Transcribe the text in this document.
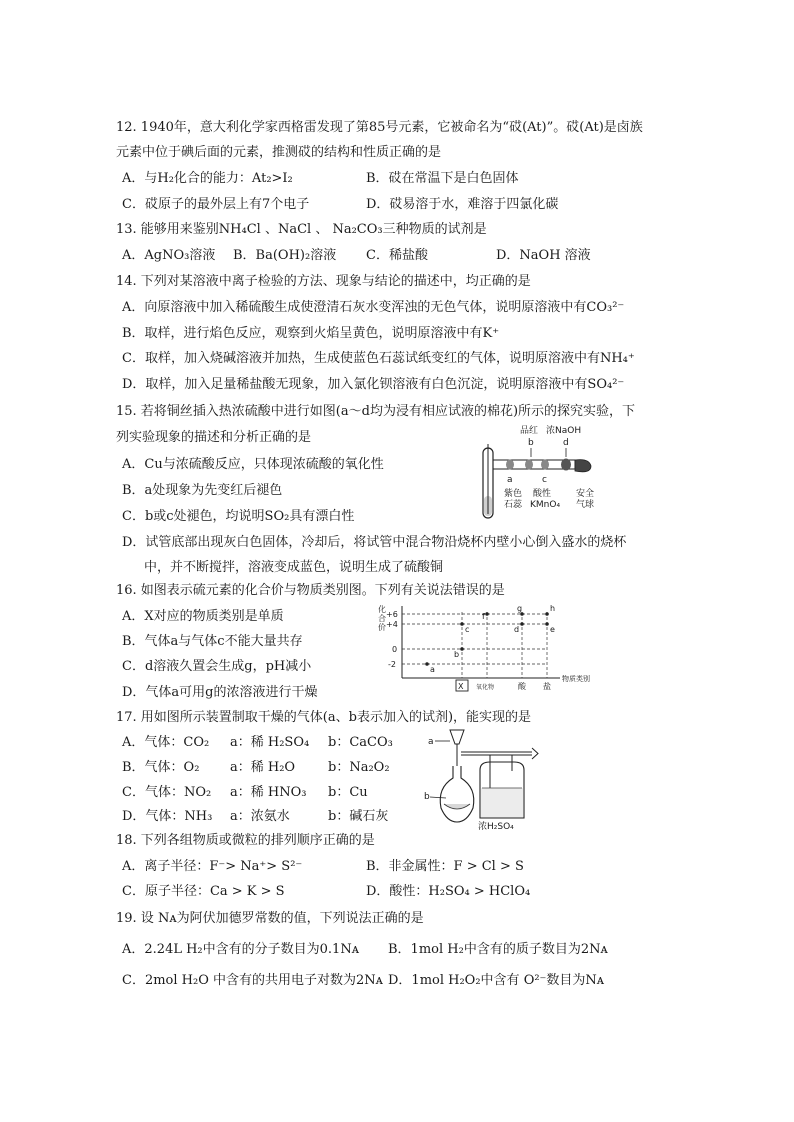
12. 1940年，意大利化学家西格雷发现了第85号元素，它被命名为“砹(At)”。砹(At)是卤族
元素中位于碘后面的元素，推测砹的结构和性质正确的是
A．与H₂化合的能力：At₂>I₂	B．砹在常温下是白色固体
C．砹原子的最外层上有7个电子	D．砹易溶于水，难溶于四氯化碳
13. 能够用来鉴别NH₄Cl 、NaCl 、 Na₂CO₃三种物质的试剂是
A．AgNO₃溶液 B．Ba(OH)₂溶液 C．稀盐酸	D．NaOH 溶液
14. 下列对某溶液中离子检验的方法、现象与结论的描述中，均正确的是
A．向原溶液中加入稀硫酸生成使澄清石灰水变浑浊的无色气体，说明原溶液中有CO₃²⁻
B．取样，进行焰色反应，观察到火焰呈黄色，说明原溶液中有K⁺
C．取样，加入烧碱溶液并加热，生成使蓝色石蕊试纸变红的气体，说明原溶液中有NH₄⁺
D．取样，加入足量稀盐酸无现象，加入氯化钡溶液有白色沉淀，说明原溶液中有SO₄²⁻
15. 若将铜丝插入热浓硫酸中进行如图(a～d均为浸有相应试液的棉花)所示的探究实验，下
列实验现象的描述和分析正确的是
A．Cu与浓硫酸反应，只体现浓硫酸的氧化性
B．a处现象为先变红后褪色
C．b或c处褪色，均说明SO₂具有漂白性
D．试管底部出现灰白色固体，冷却后，将试管中混合物沿烧杯内壁小心倒入盛水的烧杯
中，并不断搅拌，溶液变成蓝色，说明生成了硫酸铜
品红 浓NaOH
b	d
a	c
紫色
石蕊
酸性
KMnO₄
安全
气球
16. 如图表示硫元素的化合价与物质类别图。下列有关说法错误的是
A．X对应的物质类别是单质
B．气体a与气体c不能大量共存
C．d溶液久置会生成g，pH减小
D．气体a可用g的浓溶液进行干燥
化
合
价
+6
+4
0
-2
f
g	h
c	d	e
b
a
X 氧化物	酸 盐
物质类别
17. 用如图所示装置制取干燥的气体(a、b表示加入的试剂)，能实现的是
A．气体：CO₂ a：稀 H₂SO₄ b：CaCO₃
B．气体：O₂ a：稀 H₂O	b：Na₂O₂
C．气体：NO₂ a：稀 HNO₃ b：Cu
D．气体：NH₃ a：浓氨水	b：碱石灰
a
b
浓H₂SO₄
18. 下列各组物质或微粒的排列顺序正确的是
A．离子半径：F⁻> Na⁺> S²⁻	B．非金属性：F > Cl > S
C．原子半径：Ca > K > S	D．酸性：H₂SO₄ > HClO₄
19. 设 Nᴀ为阿伏加德罗常数的值，下列说法正确的是
A．2.24L H₂中含有的分子数目为0.1Nᴀ B．1mol H₂中含有的质子数目为2Nᴀ
C．2mol H₂O 中含有的共用电子对数为2Nᴀ D．1mol H₂O₂中含有 O²⁻数目为Nᴀ
